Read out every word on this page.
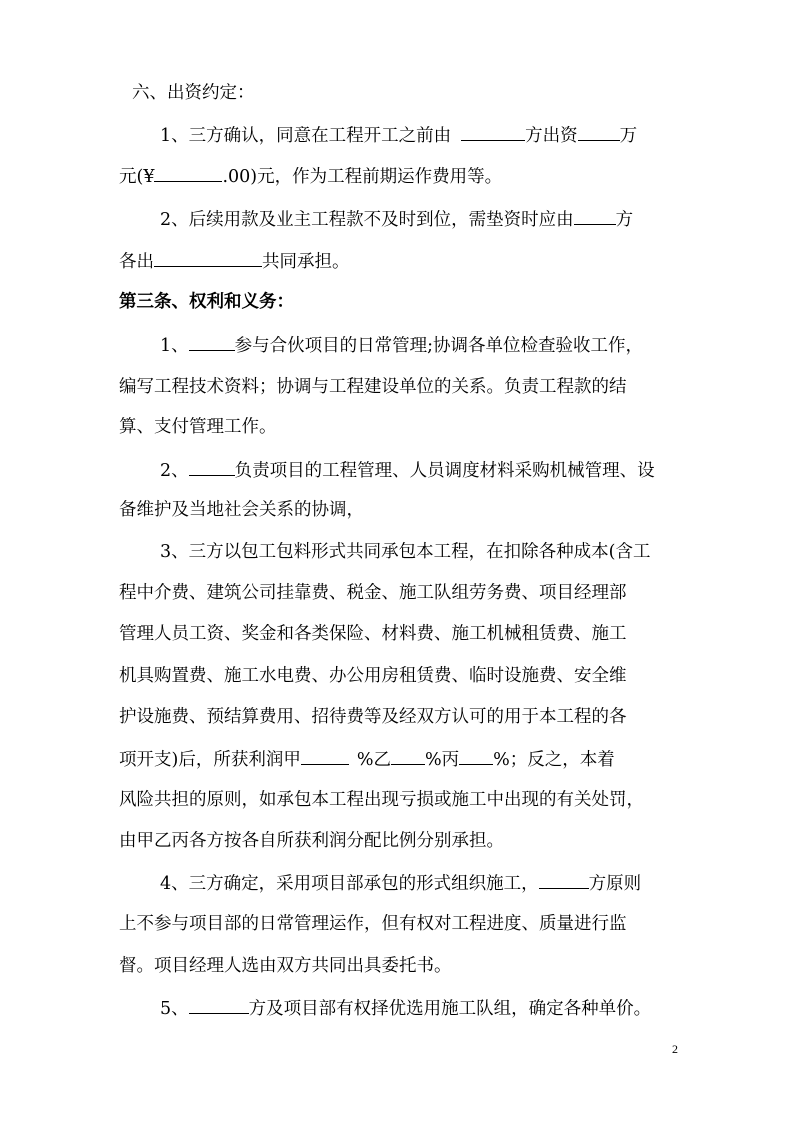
六、出资约定：
1、三方确认，同意在工程开工之前由	方出资 万
元(¥	.00)元，作为工程前期运作费用等。
2、后续用款及业主工程款不及时到位，需垫资时应由 方
各出	共同承担。
第三条、权利和义务：
1、	参与合伙项目的日常管理;协调各单位检查验收工作，
编写工程技术资料；协调与工程建设单位的关系。负责工程款的结
算、支付管理工作。
2、	负责项目的工程管理、人员调度材料采购机械管理、设
备维护及当地社会关系的协调，
3、三方以包工包料形式共同承包本工程，在扣除各种成本(含工
程中介费、建筑公司挂靠费、税金、施工队组劳务费、项目经理部
管理人员工资、奖金和各类保险、材料费、施工机械租赁费、施工
机具购置费、施工水电费、办公用房租赁费、临时设施费、安全维
护设施费、预结算费用、招待费等及经双方认可的用于本工程的各
项开支)后，所获利润甲	%乙 %丙 %；反之，本着
风险共担的原则，如承包本工程出现亏损或施工中出现的有关处罚，
由甲乙丙各方按各自所获利润分配比例分别承担。
4、三方确定，采用项目部承包的形式组织施工，	方原则
上不参与项目部的日常管理运作，但有权对工程进度、质量进行监
督。项目经理人选由双方共同出具委托书。
5、	方及项目部有权择优选用施工队组，确定各种单价。
2
